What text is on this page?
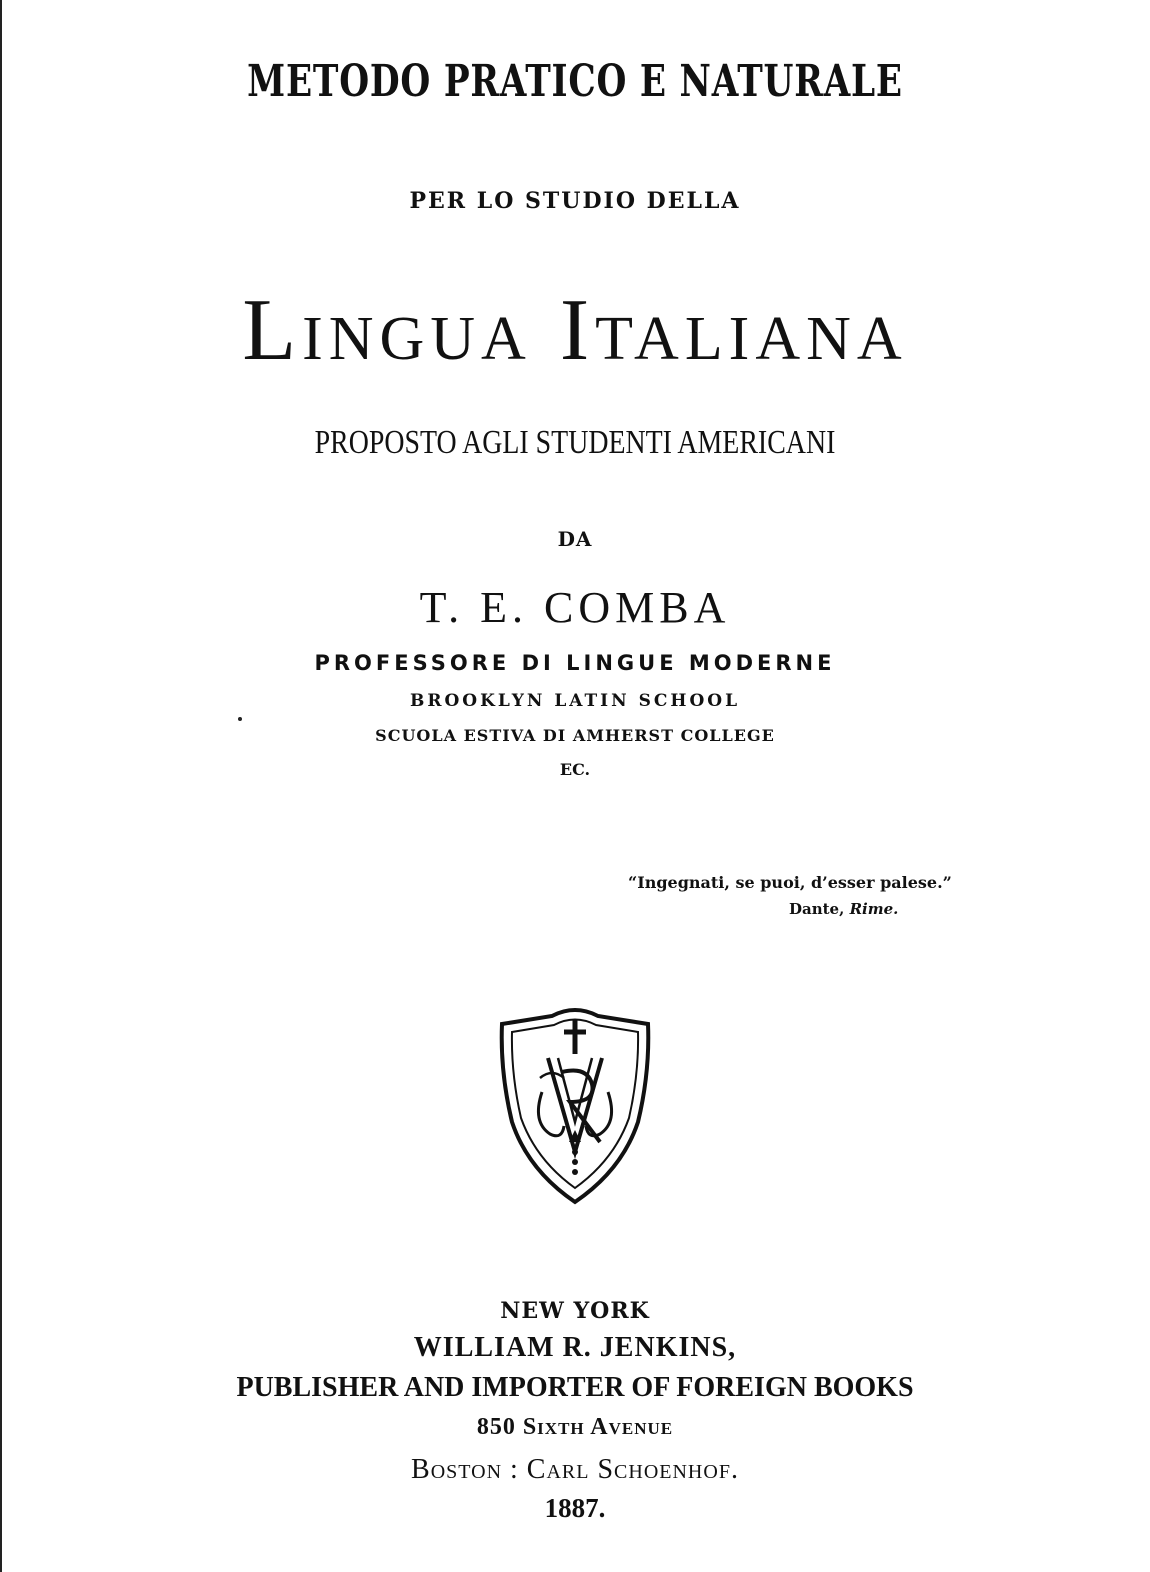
METODO PRATICO E NATURALE

PER LO STUDIO DELLA

Lingua Italiana

PROPOSTO AGLI STUDENTI AMERICANI

DA

T. E. COMBA

PROFESSORE DI LINGUE MODERNE

BROOKLYN LATIN SCHOOL

SCUOLA ESTIVA DI AMHERST COLLEGE

EC.

“Ingegnati, se puoi, d’esser palese.”
Dante, Rime.

NEW YORK

WILLIAM R. JENKINS,

PUBLISHER AND IMPORTER OF FOREIGN BOOKS

850 Sixth Avenue

Boston : Carl Schoenhof.

1887.
